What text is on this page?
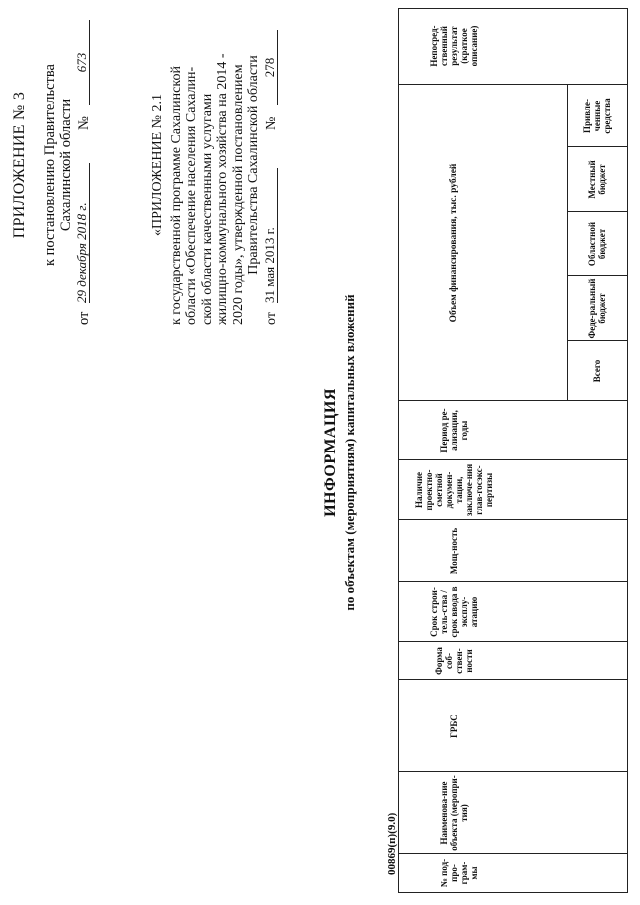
ПРИЛОЖЕНИЕ № 3 к постановлению Правительства Сахалинской области
от
29 декабря 2018 г.
№
673
«ПРИЛОЖЕНИЕ № 2.1 к государственной программе Сахалинской области «Обеспечение населения Сахалин- ской области качественными услугами жилищно-коммунального хозяйства на 2014 - 2020 годы», утвержденной постановлением Правительства Сахалинской области
от
31 мая 2013 г.
№
278
ИНФОРМАЦИЯ по объектам (мероприятиям) капитальных вложений
00869(п)(9.0)	№ под-про-грам-мы
Наименова-ние объекта (меропри-тия)
ГРБС
Форма соб-ствен-ности
Срок строи-тель-ства / срок ввода в эксплу-атацию
Мощ-ность
Наличие проектно-сметной докумен-тации, заключе-ния глав-госэкс-пертизы
Период ре-ализации, годы
Объем финансирования, тыс. рублей
Непосред-ственный результат (краткое описание)
Всего
Феде-ральный бюджет
Областной бюджет
Местный бюджет
Привле-ченные средства
